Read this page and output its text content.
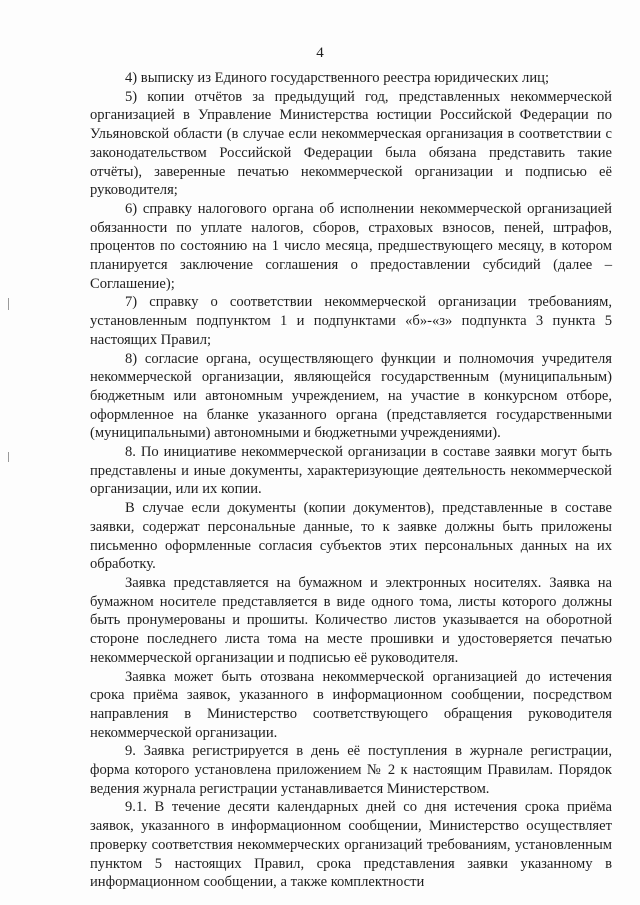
4

4) выписку из Единого государственного реестра юридических лиц;

5) копии отчётов за предыдущий год, представленных некоммерческой организацией в Управление Министерства юстиции Российской Федерации по Ульяновской области (в случае если некоммерческая организация в соответствии с законодательством Российской Федерации была обязана представить такие отчёты), заверенные печатью некоммерческой организации и подписью её руководителя;

6) справку налогового органа об исполнении некоммерческой организацией обязанности по уплате налогов, сборов, страховых взносов, пеней, штрафов, процентов по состоянию на 1 число месяца, предшествующего месяцу, в котором планируется заключение соглашения о предоставлении субсидий (далее – Соглашение);

7) справку о соответствии некоммерческой организации требованиям, установленным подпунктом 1 и подпунктами «б»-«з» подпункта 3 пункта 5 настоящих Правил;

8) согласие органа, осуществляющего функции и полномочия учредителя некоммерческой организации, являющейся государственным (муниципальным) бюджетным или автономным учреждением, на участие в конкурсном отборе, оформленное на бланке указанного органа (представляется государственными (муниципальными) автономными и бюджетными учреждениями).

8. По инициативе некоммерческой организации в составе заявки могут быть представлены и иные документы, характеризующие деятельность некоммерческой организации, или их копии.

В случае если документы (копии документов), представленные в составе заявки, содержат персональные данные, то к заявке должны быть приложены письменно оформленные согласия субъектов этих персональных данных на их обработку.

Заявка представляется на бумажном и электронных носителях. Заявка на бумажном носителе представляется в виде одного тома, листы которого должны быть пронумерованы и прошиты. Количество листов указывается на оборотной стороне последнего листа тома на месте прошивки и удостоверяется печатью некоммерческой организации и подписью её руководителя.

Заявка может быть отозвана некоммерческой организацией до истечения срока приёма заявок, указанного в информационном сообщении, посредством направления в Министерство соответствующего обращения руководителя некоммерческой организации.

9. Заявка регистрируется в день её поступления в журнале регистрации, форма которого установлена приложением № 2 к настоящим Правилам. Порядок ведения журнала регистрации устанавливается Министерством.

9.1. В течение десяти календарных дней со дня истечения срока приёма заявок, указанного в информационном сообщении, Министерство осуществляет проверку соответствия некоммерческих организаций требованиям, установленным пунктом 5 настоящих Правил, срока представления заявки указанному в информационном сообщении, а также комплектности
